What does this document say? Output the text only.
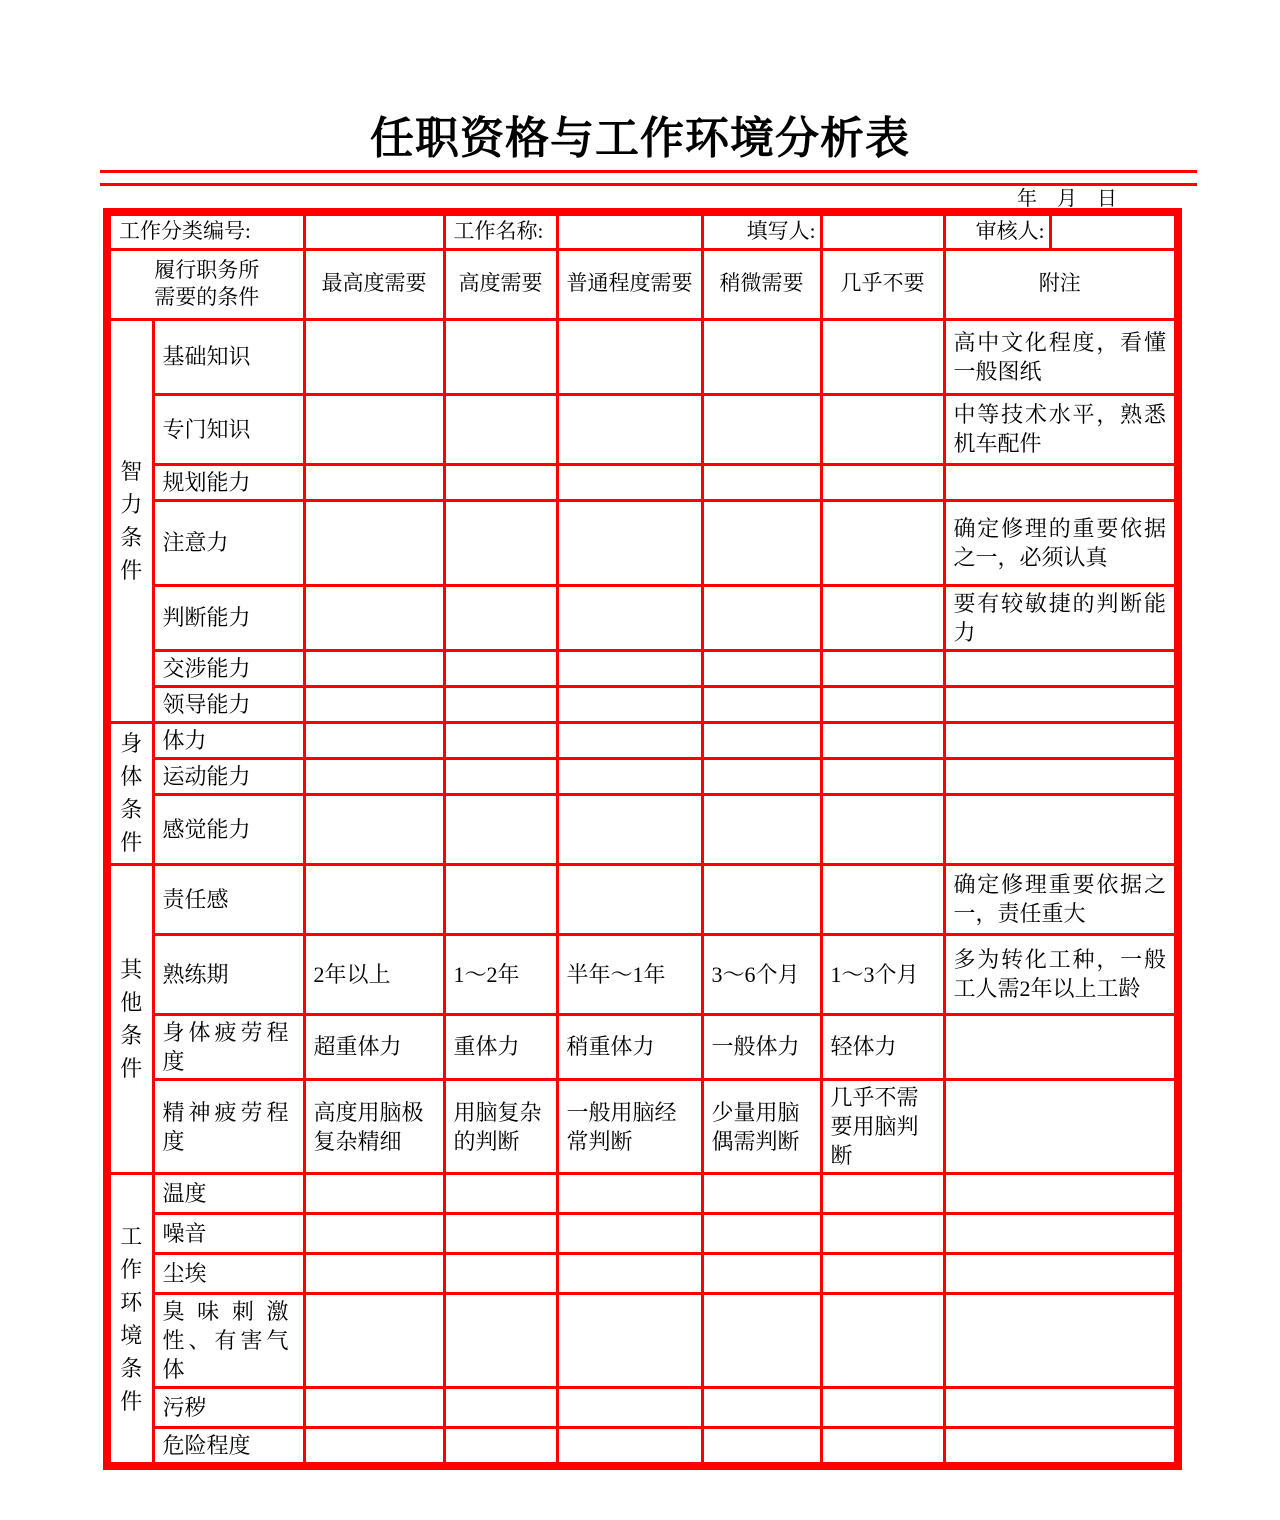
任职资格与工作环境分析表
年　月　日
工作分类编号:			工作名称:		填写人:		审核人:	

履行职务所需要的条件		最高度需要	高度需要	普通程度需要	稍微需要	几乎不要	附注	

智力条件	基础知识						高中文化程度，看懂一般图纸	

	专门知识						中等技术水平，熟悉机车配件	

	规划能力							

	注意力						确定修理的重要依据之一，必须认真	

	判断能力						要有较敏捷的判断能力	

	交涉能力							

	领导能力							

身体条件	体力							

	运动能力							

	感觉能力							

其他条件	责任感						确定修理重要依据之一，责任重大	

	熟练期	2年以上	1～2年	半年～1年	3～6个月	1～3个月	多为转化工种，一般工人需2年以上工龄	

	身体疲劳程度	超重体力	重体力	稍重体力	一般体力	轻体力		

	精神疲劳程度	高度用脑极复杂精细	用脑复杂的判断	一般用脑经常判断	少量用脑偶需判断	几乎不需要用脑判断		

工作环境条件	温度							

	噪音							

	尘埃							

	臭味刺激性、有害气体							

	污秽							

	危险程度							
